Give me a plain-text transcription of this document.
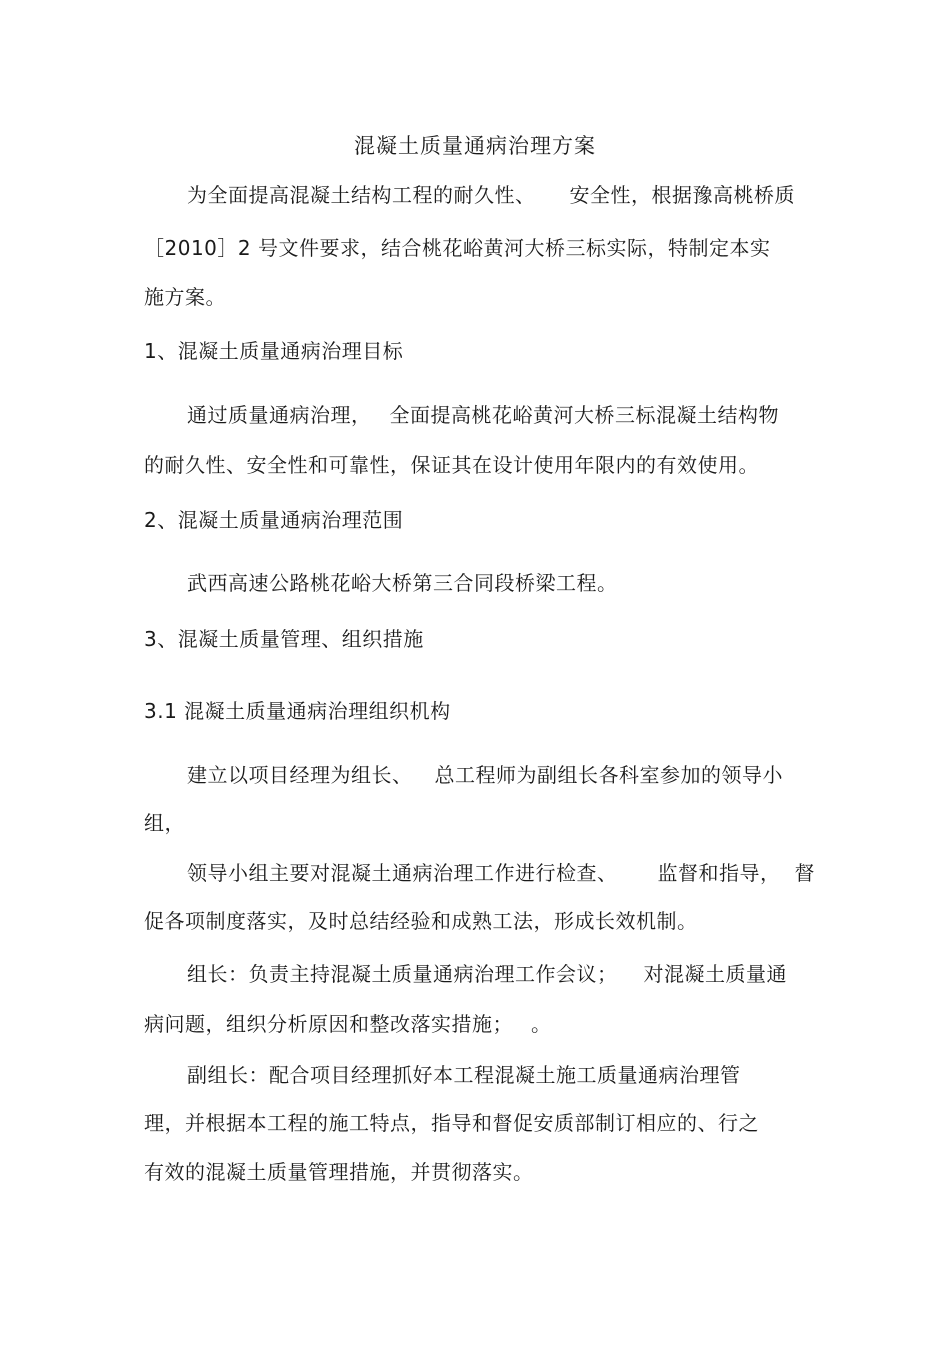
混凝土质量通病治理方案
为全面提高混凝土结构工程的耐久性、 安全性，根据豫高桃桥质
［2010］2 号文件要求，结合桃花峪黄河大桥三标实际，特制定本实
施方案。
1、混凝土质量通病治理目标
通过质量通病治理， 全面提高桃花峪黄河大桥三标混凝土结构物
的耐久性、安全性和可靠性，保证其在设计使用年限内的有效使用。
2、混凝土质量通病治理范围
武西高速公路桃花峪大桥第三合同段桥梁工程。
3、混凝土质量管理、组织措施
3.1 混凝土质量通病治理组织机构
建立以项目经理为组长、 总工程师为副组长各科室参加的领导小
组，
领导小组主要对混凝土通病治理工作进行检查、 监督和指导， 督
促各项制度落实，及时总结经验和成熟工法，形成长效机制。
组长：负责主持混凝土质量通病治理工作会议； 对混凝土质量通
病问题，组织分析原因和整改落实措施； 。
副组长：配合项目经理抓好本工程混凝土施工质量通病治理管
理，并根据本工程的施工特点，指导和督促安质部制订相应的、行之
有效的混凝土质量管理措施，并贯彻落实。
